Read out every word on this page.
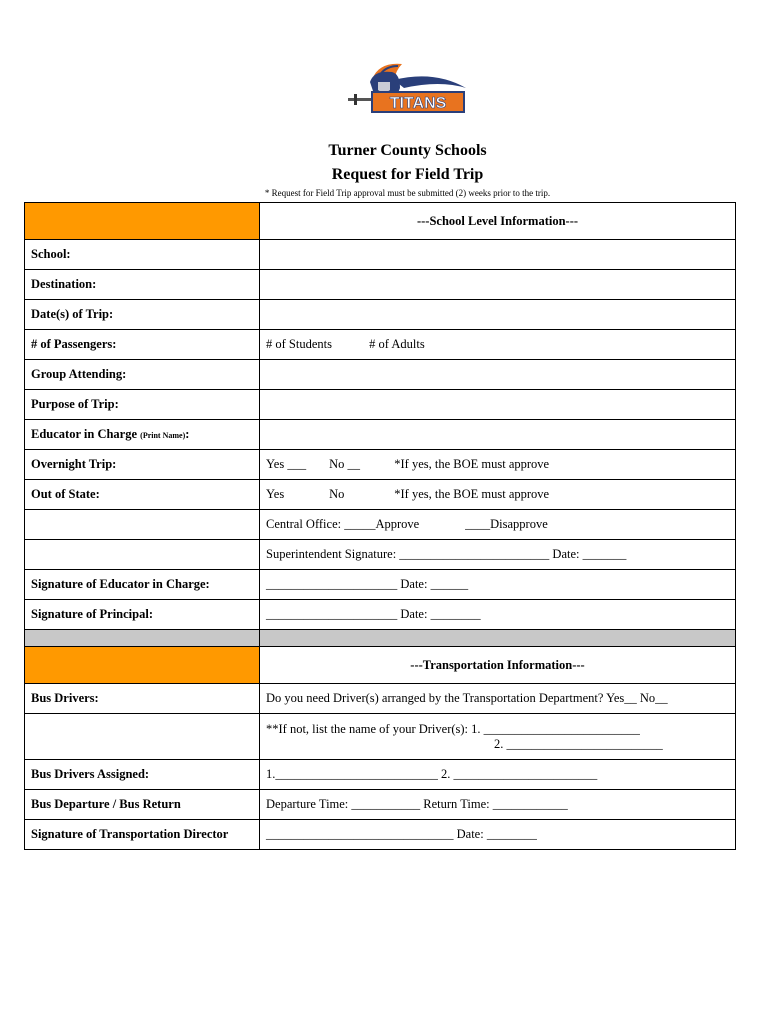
TITANS
Turner County Schools
Request for Field Trip
* Request for Field Trip approval must be submitted (2) weeks prior to the trip.
	---School Level Information---
School:	
Destination:	
Date(s) of Trip:	
# of Passengers:	# of Students # of Adults
Group Attending:	
Purpose of Trip:	
Educator in Charge (Print Name):	
Overnight Trip:	Yes ___ No __ *If yes, the BOE must approve
Out of State:	Yes No *If yes, the BOE must approve
	Central Office: _____Approve ____Disapprove
	Superintendent Signature: ________________________ Date: _______
Signature of Educator in Charge:	_____________________ Date: ______
Signature of Principal:	_____________________ Date: ________

	---Transportation Information---
Bus Drivers:	Do you need Driver(s) arranged by the Transportation Department? Yes__ No__

	**If not, list the name of your Driver(s): 1. _________________________
2. _________________________

Bus Drivers Assigned:	1.__________________________ 2. _______________________
Bus Departure / Bus Return	Departure Time: ___________ Return Time: ____________
Signature of Transportation Director	______________________________ Date: ________
